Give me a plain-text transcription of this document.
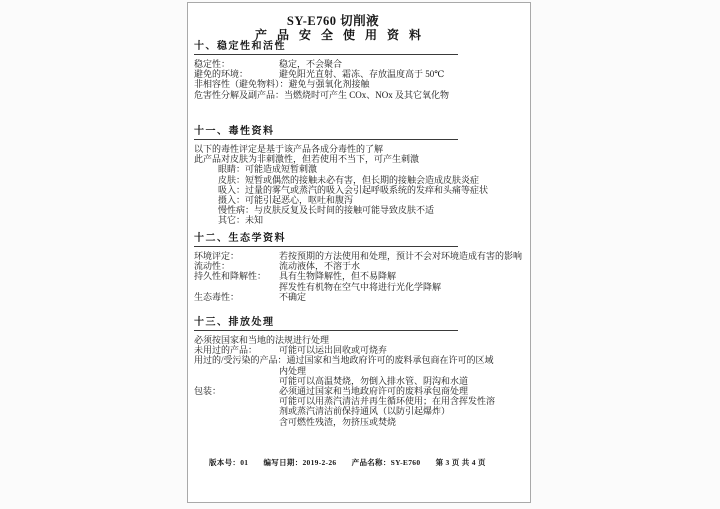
SY-E760 切削液
产品安全使用资料
十、稳定性和活性
稳定性：	稳定，不会聚合
避免的环境：	避免阳光直射、霜冻、存放温度高于 50℃
非相容性（避免物料）： 避免与强氧化剂接触
危害性分解及副产品： 当燃烧时可产生 COx、NOx 及其它氧化物
十一、毒性资料
以下的毒性评定是基于该产品各成分毒性的了解
此产品对皮肤为非刺激性，但若使用不当下，可产生刺激
眼睛：可能造成短暂刺激
皮肤：短暂或偶然的接触未必有害，但长期的接触会造成皮肤炎症
吸入：过量的雾气或蒸汽的吸入会引起呼吸系统的发痒和头痛等症状
摄入：可能引起恶心，呕吐和腹泻
慢性病：与皮肤反复及长时间的接触可能导致皮肤不适
其它：未知
十二、生态学资料
环境评定：	若按预期的方法使用和处理，预计不会对环境造成有害的影响
流动性：	流动液体，不溶于水
持久性和降解性：	具有生物降解性，但不易降解
挥发性有机物在空气中将进行光化学降解
生态毒性：	不确定
十三、排放处理
必须按国家和当地的法规进行处理
未用过的产品：	可能可以运出回收或可烧弃
用过的/受污染的产品： 通过国家和当地政府许可的废料承包商在许可的区域
内处理
可能可以高温焚烧，勿倒入排水管、阴沟和水道
包装：	必须通过国家和当地政府许可的废料承包商处理
可能可以用蒸汽清洁并再生循环使用；在用含挥发性溶
剂或蒸汽清洁前保持通风（以防引起爆炸）
含可燃性残渣，勿挤压或焚烧
版本号：01 编写日期：2019-2-26 产品名称：SY-E760 第 3 页 共 4 页
